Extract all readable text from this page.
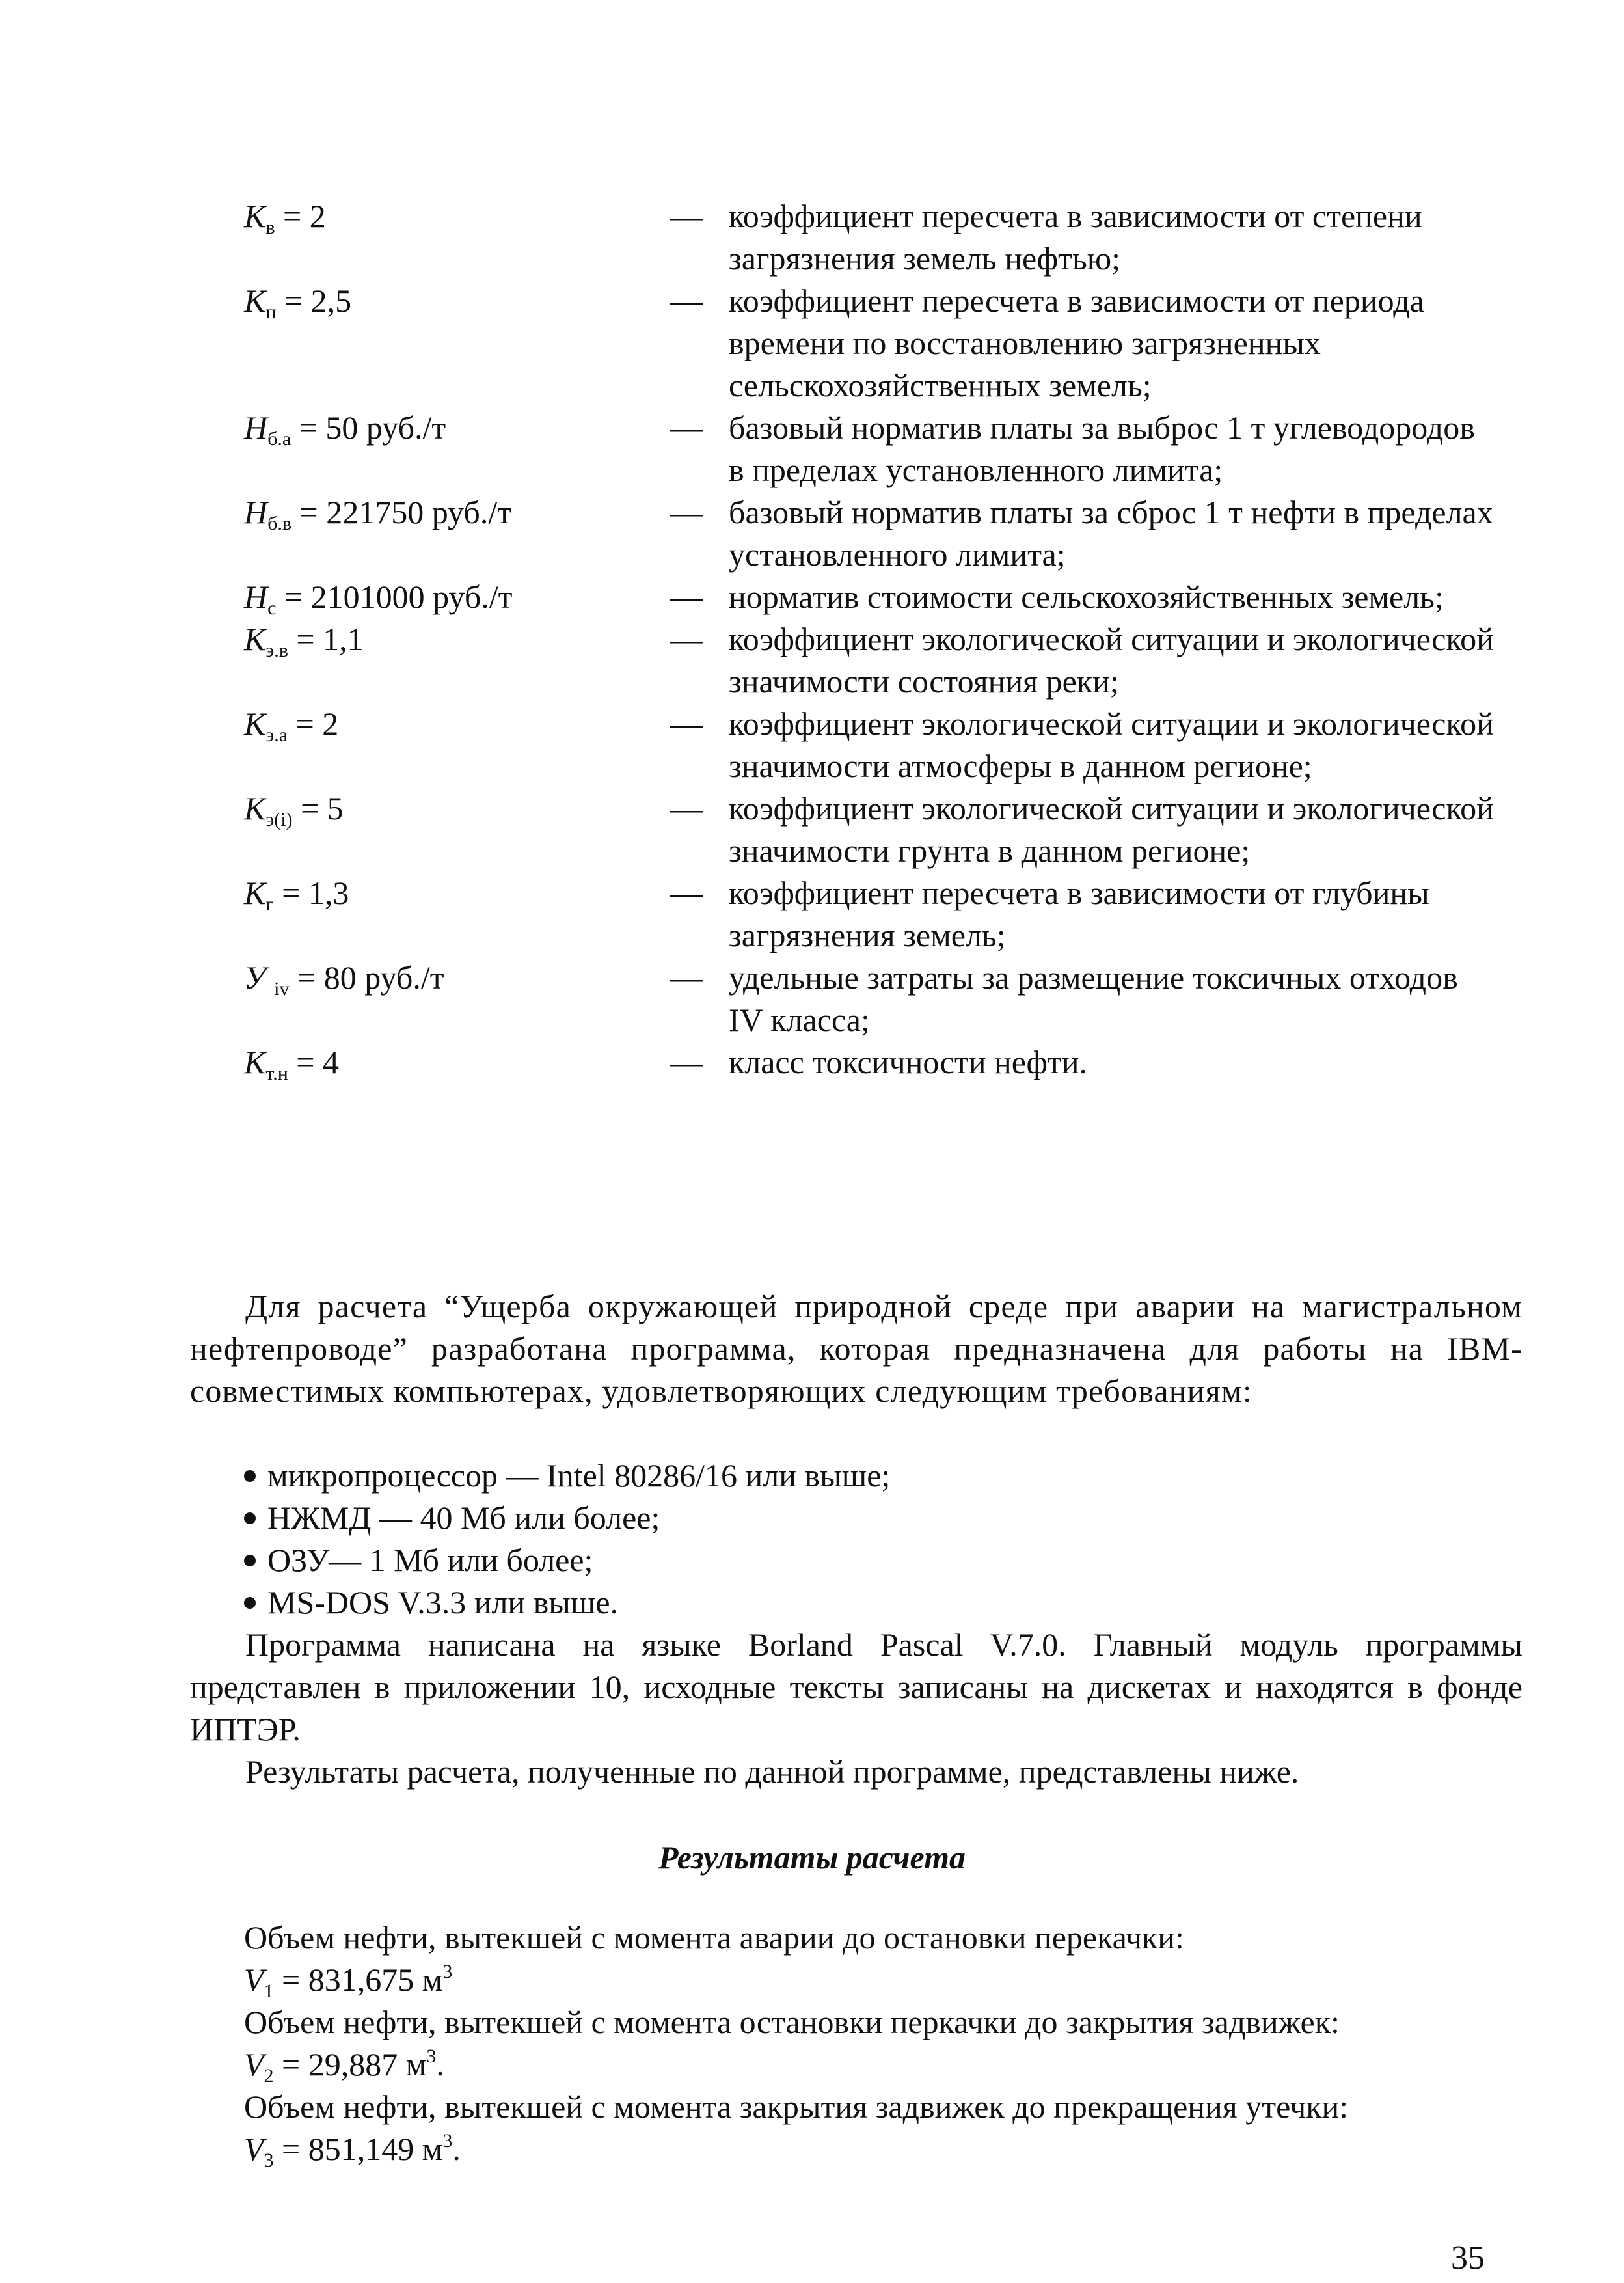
$K_в = 2$	— коэффициент пересчета в зависимости от степени загрязнения земель нефтью;
$K_п = 2,5$	— коэффициент пересчета в зависимости от периода времени по восстановлению загрязненных сельскохозяйственных земель;
$H_{б.а} = 50$ руб./т	— базовый норматив платы за выброс 1 т углеводородов в пределах установленного лимита;
$H_{б.в} = 221750$ руб./т	— базовый норматив платы за сброс 1 т нефти в пределах установленного лимита;
$H_с = 2101000$ руб./т	— норматив стоимости сельскохозяйственных земель;
$K_{э.в} = 1,1$	— коэффициент экологической ситуации и экологической значимости состояния реки;
$K_{э.а} = 2$	— коэффициент экологической ситуации и экологической значимости атмосферы в данном регионе;
$K_{э(i)} = 5$	— коэффициент экологической ситуации и экологической значимости грунта в данном регионе;
$K_г = 1,3$	— коэффициент пересчета в зависимости от глубины загрязнения земель;
У $_{iv}$ = 80 руб./т	— удельные затраты за размещение токсичных отходов IV класса;
$K_{т.н} = 4$	— класс токсичности нефти.
Для расчета “Ущерба окружающей природной среде при аварии на магистральном нефтепроводе” разработана программа, которая предназначена для работы на IBM-совместимых компьютерах, удовлетворяющих следующим требованиям:
микропроцессор — Intel 80286/16 или выше;
НЖМД — 40 Мб или более;
ОЗУ— 1 Мб или более;
MS-DOS V.3.3 или выше.
Программа написана на языке Borland Pascal V.7.0. Главный модуль программы представлен в приложении 10, исходные тексты записаны на дискетах и находятся в фонде ИПТЭР.
Результаты расчета, полученные по данной программе, представлены ниже.
Результаты расчета
Объем нефти, вытекшей с момента аварии до остановки перекачки:
$V_1 = 831,675$ $м^3$
Объем нефти, вытекшей с момента остановки перкачки до закрытия задвижек:
$V_2 = 29,887$ $м^3$.
Объем нефти, вытекшей с момента закрытия задвижек до прекращения утечки:
$V_3 = 851,149$ $м^3$.
35
